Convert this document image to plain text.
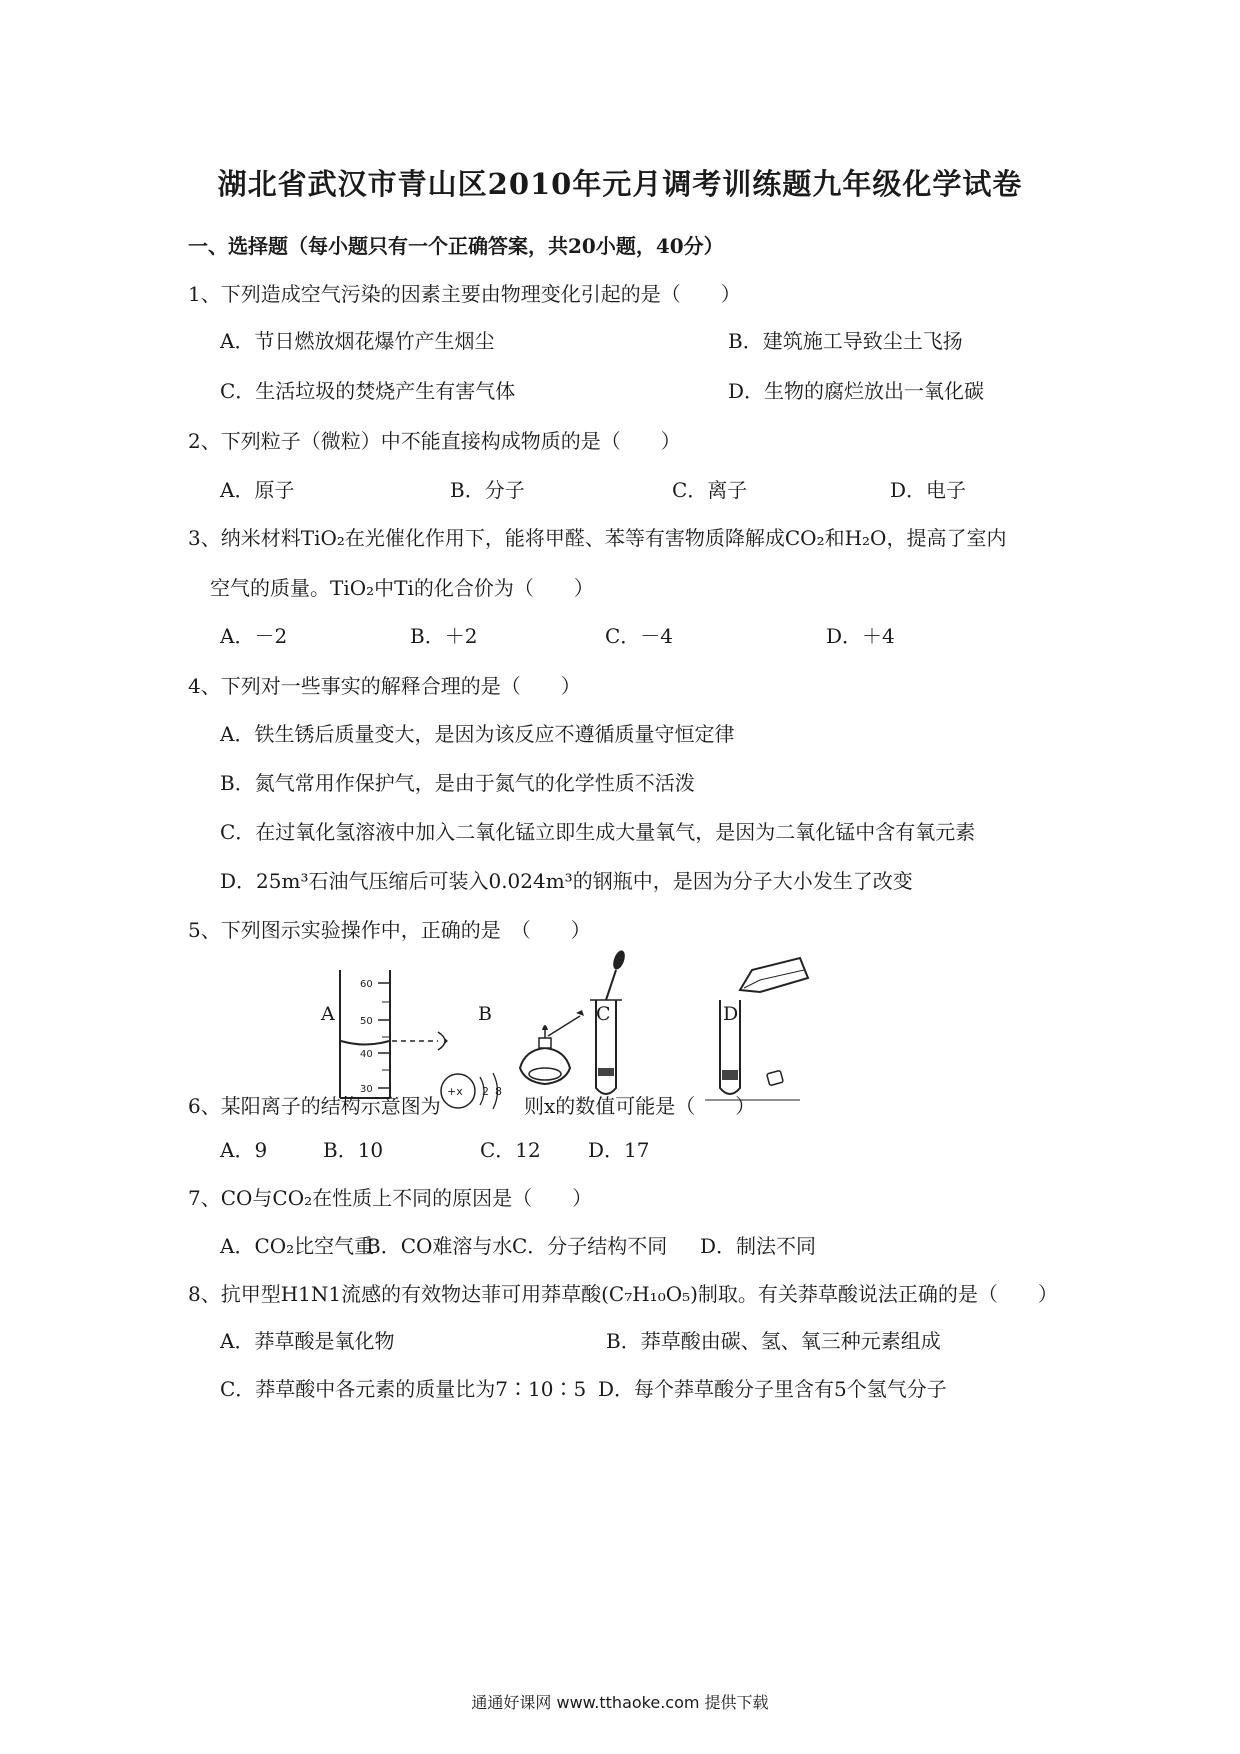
湖北省武汉市青山区2010年元月调考训练题九年级化学试卷
一、选择题（每小题只有一个正确答案，共20小题，40分）
1、下列造成空气污染的因素主要由物理变化引起的是（　　）
A．节日燃放烟花爆竹产生烟尘	B．建筑施工导致尘土飞扬
C．生活垃圾的焚烧产生有害气体	D．生物的腐烂放出一氧化碳
2、下列粒子（微粒）中不能直接构成物质的是（　　）
A．原子	B．分子	C．离子	D．电子
3、纳米材料TiO₂在光催化作用下，能将甲醛、苯等有害物质降解成CO₂和H₂O，提高了室内
空气的质量。TiO₂中Ti的化合价为（　　）
A．－2	B．＋2	C．－4	D．＋4
4、下列对一些事实的解释合理的是（　　）
A．铁生锈后质量变大，是因为该反应不遵循质量守恒定律
B．氮气常用作保护气，是由于氮气的化学性质不活泼
C．在过氧化氢溶液中加入二氧化锰立即生成大量氧气，是因为二氧化锰中含有氧元素
D．25m³石油气压缩后可装入0.024m³的钢瓶中，是因为分子大小发生了改变
5、下列图示实验操作中，正确的是　（　　）
60
50
40
30
A	B	C	D
6、某阳离子的结构示意图为
+x 2 8
则x的数值可能是（　　）
A．9	B．10	C．12 D．17
7、CO与CO₂在性质上不同的原因是（　　）
A．CO₂比空气重
B．CO难溶与水 C．分子结构不同 D．制法不同
8、抗甲型H1N1流感的有效物达菲可用莽草酸(C₇H₁₀O₅)制取。有关莽草酸说法正确的是（　　）
A．莽草酸是氧化物	B．莽草酸由碳、氢、氧三种元素组成
C．莽草酸中各元素的质量比为7∶10∶5 D．每个莽草酸分子里含有5个氢气分子
通通好课网 www.tthaoke.com 提供下载
